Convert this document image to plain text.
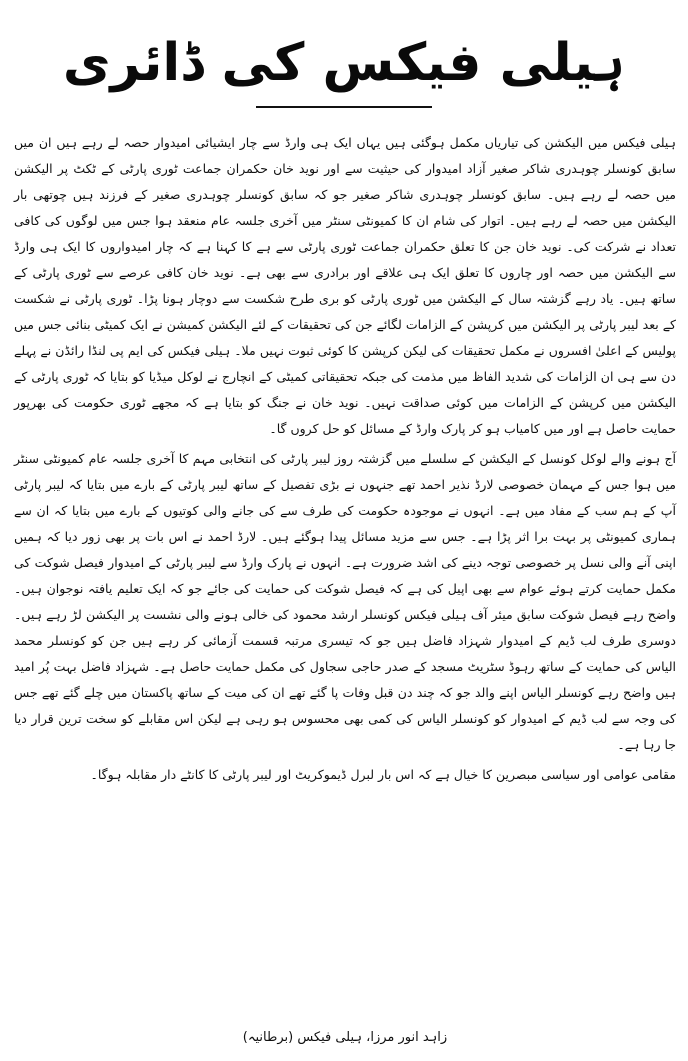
ہیلی فیکس کی ڈائری

ہیلی فیکس میں الیکشن کی تیاریاں مکمل ہوگئی ہیں یہاں ایک ہی وارڈ سے چار ایشیائی امیدوار حصہ لے رہے ہیں ان میں سابق کونسلر چوہدری شاکر صغیر آزاد امیدوار کی حیثیت سے اور نوید خان حکمران جماعت ٹوری پارٹی کے ٹکٹ پر الیکشن میں حصہ لے رہے ہیں۔ سابق کونسلر چوہدری شاکر صغیر جو کہ سابق کونسلر چوہدری صغیر کے فرزند ہیں چوتھی بار الیکشن میں حصہ لے رہے ہیں۔ اتوار کی شام ان کا کمیونٹی سنٹر میں آخری جلسہ عام منعقد ہوا جس میں لوگوں کی کافی تعداد نے شرکت کی۔ نوید خان جن کا تعلق حکمران جماعت ٹوری پارٹی سے ہے کا کہنا ہے کہ چار امیدواروں کا ایک ہی وارڈ سے الیکشن میں حصہ اور چاروں کا تعلق ایک ہی علاقے اور برادری سے بھی ہے۔ نوید خان کافی عرصے سے ٹوری پارٹی کے ساتھ ہیں۔ یاد رہے گزشتہ سال کے الیکشن میں ٹوری پارٹی کو بری طرح شکست سے دوچار ہونا پڑا۔ ٹوری پارٹی نے شکست کے بعد لیبر پارٹی پر الیکشن میں کرپشن کے الزامات لگائے جن کی تحقیقات کے لئے الیکشن کمیشن نے ایک کمیٹی بنائی جس میں پولیس کے اعلیٰ افسروں نے مکمل تحقیقات کی لیکن کرپشن کا کوئی ثبوت نہیں ملا۔ ہیلی فیکس کی ایم پی لنڈا رائڈن نے پہلے دن سے ہی ان الزامات کی شدید الفاظ میں مذمت کی جبکہ تحقیقاتی کمیٹی کے انچارج نے لوکل میڈیا کو بتایا کہ ٹوری پارٹی کے الیکشن میں کرپشن کے الزامات میں کوئی صداقت نہیں۔ نوید خان نے جنگ کو بتایا ہے کہ مجھے ٹوری حکومت کی بھرپور حمایت حاصل ہے اور میں کامیاب ہو کر پارک وارڈ کے مسائل کو حل کروں گا۔

آج ہونے والے لوکل کونسل کے الیکشن کے سلسلے میں گزشتہ روز لیبر پارٹی کی انتخابی مہم کا آخری جلسہ عام کمیونٹی سنٹر میں ہوا جس کے مہمان خصوصی لارڈ نذیر احمد تھے جنہوں نے بڑی تفصیل کے ساتھ لیبر پارٹی کے بارے میں بتایا کہ لیبر پارٹی آپ کے ہم سب کے مفاد میں ہے۔ انہوں نے موجودہ حکومت کی طرف سے کی جانے والی کوتیوں کے بارے میں بتایا کہ ان سے ہماری کمیونٹی پر بہت برا اثر پڑا ہے۔ جس سے مزید مسائل پیدا ہوگئے ہیں۔ لارڈ احمد نے اس بات پر بھی زور دیا کہ ہمیں اپنی آنے والی نسل پر خصوصی توجہ دینے کی اشد ضرورت ہے۔ انہوں نے پارک وارڈ سے لیبر پارٹی کے امیدوار فیصل شوکت کی مکمل حمایت کرتے ہوئے عوام سے بھی اپیل کی ہے کہ فیصل شوکت کی حمایت کی جائے جو کہ ایک تعلیم یافتہ نوجوان ہیں۔ واضح رہے فیصل شوکت سابق میئر آف ہیلی فیکس کونسلر ارشد محمود کی خالی ہونے والی نشست پر الیکشن لڑ رہے ہیں۔ دوسری طرف لب ڈیم کے امیدوار شہزاد فاضل ہیں جو کہ تیسری مرتبہ قسمت آزمائی کر رہے ہیں جن کو کونسلر محمد الیاس کی حمایت کے ساتھ رہوڈ سٹریٹ مسجد کے صدر حاجی سجاول کی مکمل حمایت حاصل ہے۔ شہزاد فاضل بہت پُر امید ہیں واضح رہے کونسلر الیاس اپنے والد جو کہ چند دن قبل وفات پا گئے تھے ان کی میت کے ساتھ پاکستان میں چلے گئے تھے جس کی وجہ سے لب ڈیم کے امیدوار کو کونسلر الیاس کی کمی بھی محسوس ہو رہی ہے لیکن اس مقابلے کو سخت ترین قرار دیا جا رہا ہے۔

مقامی عوامی اور سیاسی مبصرین کا خیال ہے کہ اس بار لبرل ڈیموکریٹ اور لیبر پارٹی کا کانٹے دار مقابلہ ہوگا۔

زاہد انور مرزا، ہیلی فیکس (برطانیہ)
